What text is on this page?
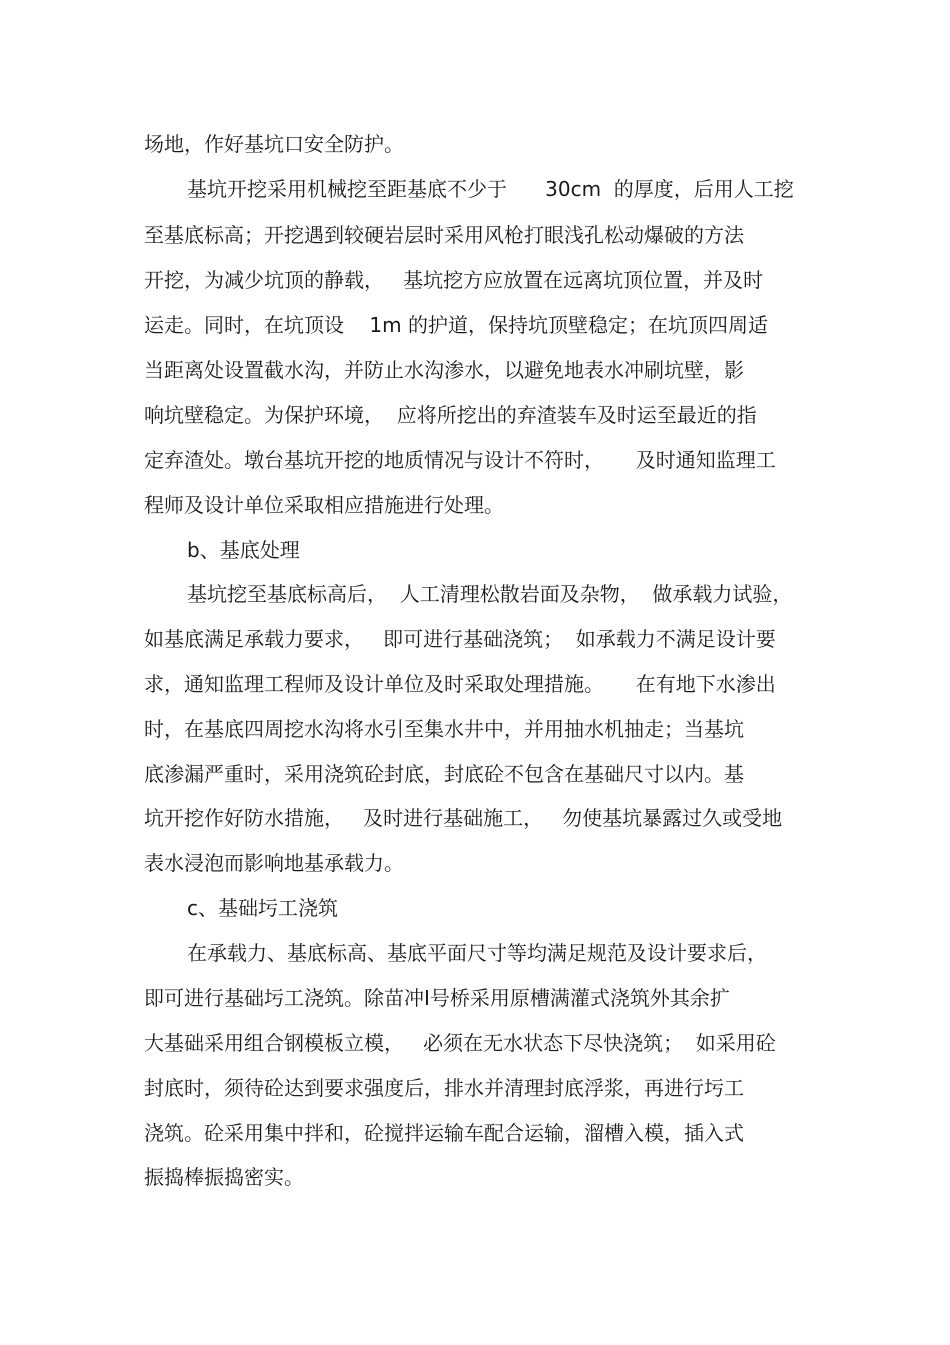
场地，作好基坑口安全防护。
基坑开挖采用机械挖至距基底不少于      30cm  的厚度，后用人工挖
至基底标高；开挖遇到较硬岩层时采用风枪打眼浅孔松动爆破的方法
开挖，为减少坑顶的静载，   基坑挖方应放置在远离坑顶位置，并及时
运走。同时，在坑顶设    1m 的护道，保持坑顶壁稳定；在坑顶四周适
当距离处设置截水沟，并防止水沟渗水，以避免地表水冲刷坑壁，影
响坑壁稳定。为保护环境，  应将所挖出的弃渣装车及时运至最近的指
定弃渣处。墩台基坑开挖的地质情况与设计不符时，     及时通知监理工
程师及设计单位采取相应措施进行处理。
b、基底处理
基坑挖至基底标高后，  人工清理松散岩面及杂物，  做承载力试验，
如基底满足承载力要求，   即可进行基础浇筑；  如承载力不满足设计要
求，通知监理工程师及设计单位及时采取处理措施。     在有地下水渗出
时，在基底四周挖水沟将水引至集水井中，并用抽水机抽走；当基坑
底渗漏严重时，采用浇筑砼封底，封底砼不包含在基础尺寸以内。基
坑开挖作好防水措施，   及时进行基础施工，   勿使基坑暴露过久或受地
表水浸泡而影响地基承载力。
c、基础圬工浇筑
在承载力、基底标高、基底平面尺寸等均满足规范及设计要求后，
即可进行基础圬工浇筑。除苗冲Ⅰ号桥采用原槽满灌式浇筑外其余扩
大基础采用组合钢模板立模，   必须在无水状态下尽快浇筑；  如采用砼
封底时，须待砼达到要求强度后，排水并清理封底浮浆，再进行圬工
浇筑。砼采用集中拌和，砼搅拌运输车配合运输，溜槽入模，插入式
振捣棒振捣密实。
